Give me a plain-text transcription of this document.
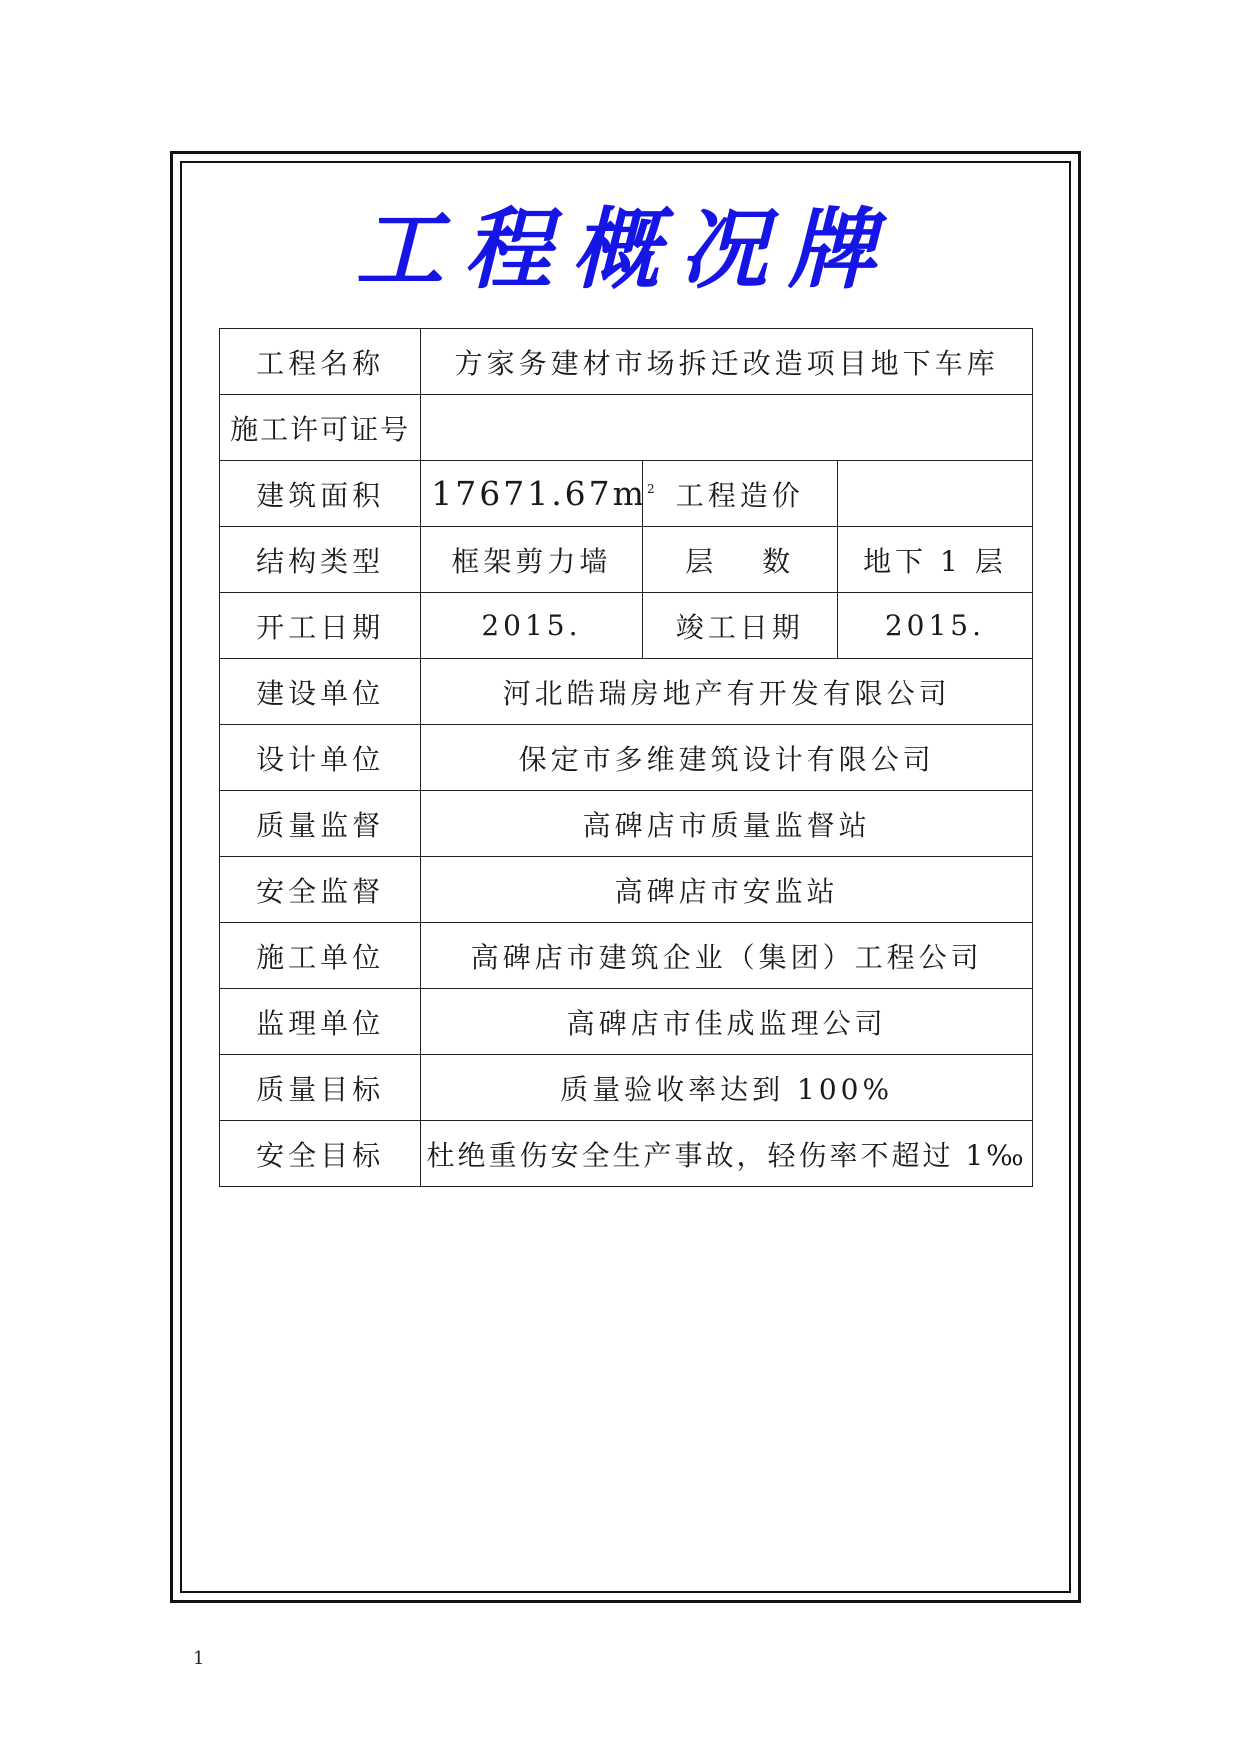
工程概况牌
工程名称	方家务建材市场拆迁改造项目地下车库		
施工许可证号			
建筑面积	$17671.67m^2$	工程造价	
结构类型	框架剪力墙	层　 数	地下 1 层
开工日期	2015.	竣工日期	2015.
建设单位	河北皓瑞房地产有开发有限公司		
设计单位	保定市多维建筑设计有限公司		
质量监督	高碑店市质量监督站		
安全监督	高碑店市安监站		
施工单位	高碑店市建筑企业（集团）工程公司		
监理单位	高碑店市佳成监理公司		
质量目标	质量验收率达到 100%		
安全目标	杜绝重伤安全生产事故，轻伤率不超过 1‰		
1
